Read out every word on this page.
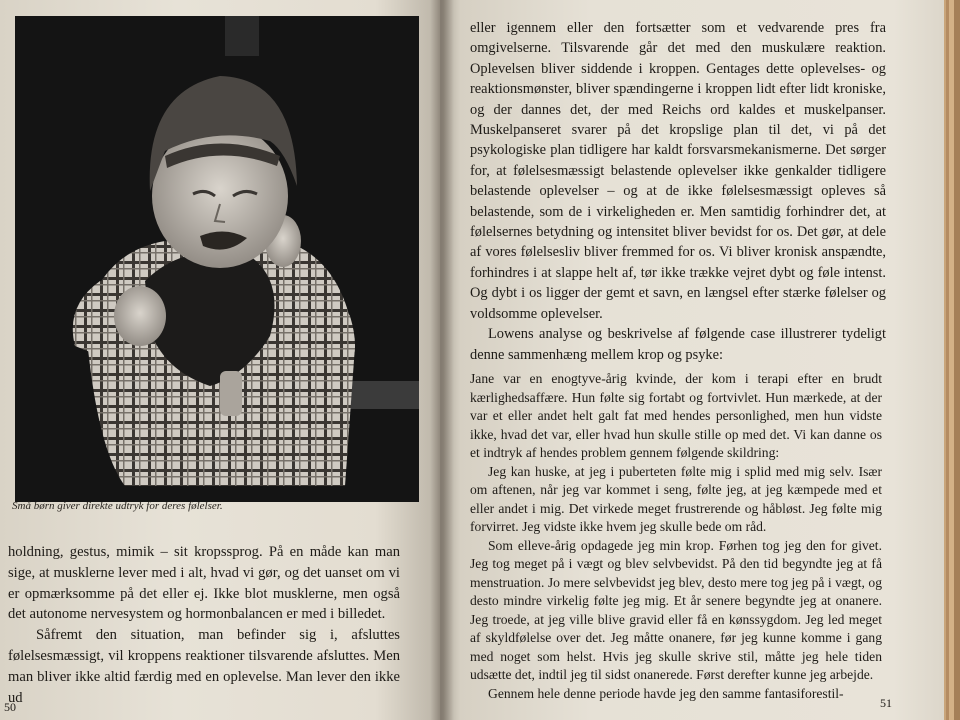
Små børn giver direkte udtryk for deres følelser.

holdning, gestus, mimik – sit kropssprog. På en måde kan man sige, at musklerne lever med i alt, hvad vi gør, og det uanset om vi er opmærksomme på det eller ej. Ikke blot musklerne, men også det autonome nervesystem og hormonbalancen er med i billedet.

Såfremt den situation, man befinder sig i, afsluttes følelsesmæssigt, vil kroppens reaktioner tilsvarende afsluttes. Men man bliver ikke altid færdig med en oplevelse. Man lever den ikke ud

50

eller igennem eller den fortsætter som et vedvarende pres fra omgivelserne. Tilsvarende går det med den muskulære reaktion. Oplevelsen bliver siddende i kroppen. Gentages dette oplevelses- og reaktionsmønster, bliver spændingerne i kroppen lidt efter lidt kroniske, og der dannes det, der med Reichs ord kaldes et muskelpanser. Muskelpanseret svarer på det kropslige plan til det, vi på det psykologiske plan tidligere har kaldt forsvarsmekanismerne. Det sørger for, at følelsesmæssigt belastende oplevelser ikke genkalder tidligere belastende oplevelser – og at de ikke følelsesmæssigt opleves så belastende, som de i virkeligheden er. Men samtidig forhindrer det, at følelsernes betydning og intensitet bliver bevidst for os. Det gør, at dele af vores følelsesliv bliver fremmed for os. Vi bliver kronisk anspændte, forhindres i at slappe helt af, tør ikke trække vejret dybt og føle intenst. Og dybt i os ligger der gemt et savn, en længsel efter stærke følelser og voldsomme oplevelser.

Lowens analyse og beskrivelse af følgende case illustrerer tydeligt denne sammenhæng mellem krop og psyke:

Jane var en enogtyve-årig kvinde, der kom i terapi efter en brudt kærlighedsaffære. Hun følte sig fortabt og fortvivlet. Hun mærkede, at der var et eller andet helt galt fat med hendes personlighed, men hun vidste ikke, hvad det var, eller hvad hun skulle stille op med det. Vi kan danne os et indtryk af hendes problem gennem følgende skildring:

Jeg kan huske, at jeg i puberteten følte mig i splid med mig selv. Især om aftenen, når jeg var kommet i seng, følte jeg, at jeg kæmpede med et eller andet i mig. Det virkede meget frustrerende og håbløst. Jeg følte mig forvirret. Jeg vidste ikke hvem jeg skulle bede om råd.

Som elleve-årig opdagede jeg min krop. Førhen tog jeg den for givet. Jeg tog meget på i vægt og blev selvbevidst. På den tid begyndte jeg at få menstruation. Jo mere selvbevidst jeg blev, desto mere tog jeg på i vægt, og desto mindre virkelig følte jeg mig. Et år senere begyndte jeg at onanere. Jeg troede, at jeg ville blive gravid eller få en kønssygdom. Jeg led meget af skyldfølelse over det. Jeg måtte onanere, før jeg kunne komme i gang med noget som helst. Hvis jeg skulle skrive stil, måtte jeg hele tiden udsætte det, indtil jeg til sidst onanerede. Først derefter kunne jeg arbejde.

Gennem hele denne periode havde jeg den samme fantasiforestil-

51
